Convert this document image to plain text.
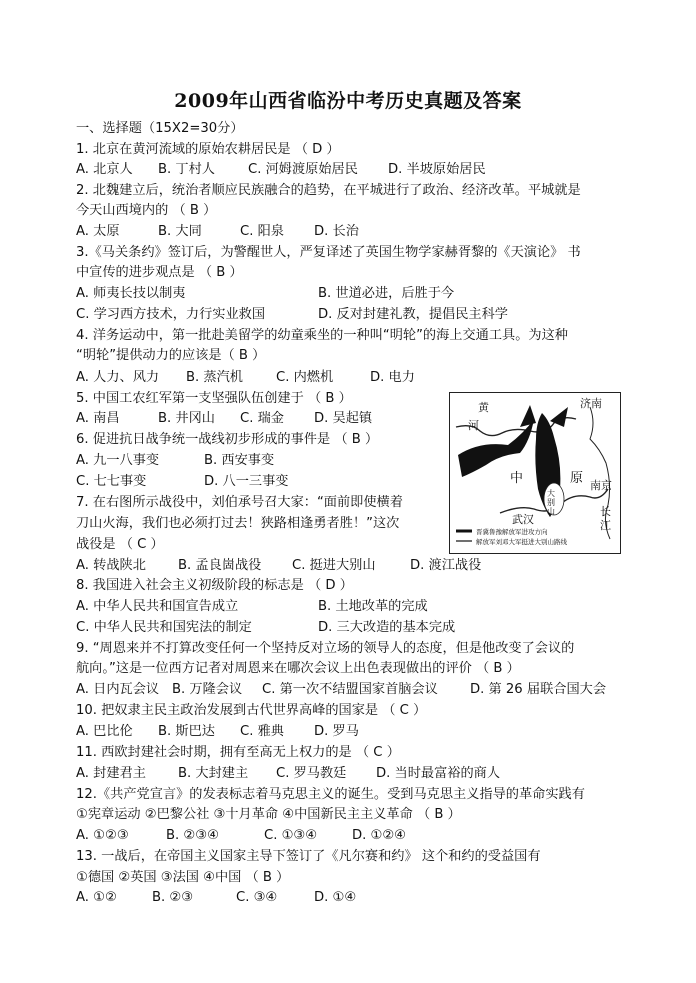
2009年山西省临汾中考历史真题及答案
一、选择题（15X2=30分）
1. 北京在黄河流域的原始农耕居民是 （ D ）
A. 北京人 B. 丁村人	C. 河姆渡原始居民 D. 半坡原始居民
2. 北魏建立后，统治者顺应民族融合的趋势，在平城进行了政治、经济改革。平城就是
今天山西境内的 （ B ）
A. 太原	B. 大同	C. 阳泉 D. 长治
3.《马关条约》签订后，为警醒世人，严复译述了英国生物学家赫胥黎的《天演论》 书
中宣传的进步观点是 （ B ）
A. 师夷长技以制夷	B. 世道必进，后胜于今
C. 学习西方技术，力行实业救国	D. 反对封建礼教，提倡民主科学
4. 洋务运动中，第一批赴美留学的幼童乘坐的一种叫“明轮”的海上交通工具。为这种
“明轮”提供动力的应该是（ B ）
A. 人力、风力 B. 蒸汽机	C. 内燃机	D. 电力
5. 中国工农红军第一支坚强队伍创建于 （ B ）
A. 南昌	B. 井冈山 C. 瑞金 D. 吴起镇
6. 促进抗日战争统一战线初步形成的事件是 （ B ）
A. 九一八事变	B. 西安事变
C. 七七事变	D. 八一三事变
7. 在右图所示战役中，刘伯承号召大家：“面前即使横着
刀山火海，我们也必须打过去！狭路相逢勇者胜！”这次
战役是 （ C ）
A. 转战陕北 B. 孟良崮战役 C. 挺进大别山	D. 渡江战役
8. 我国进入社会主义初级阶段的标志是 （ D ）
A. 中华人民共和国宣告成立	B. 土地改革的完成
C. 中华人民共和国宪法的制定	D. 三大改造的基本完成
9. “周恩来并不打算改变任何一个坚持反对立场的领导人的态度，但是他改变了会议的
航向。”这是一位西方记者对周恩来在哪次会议上出色表现做出的评价 （ B ）
A. 日内瓦会议 B. 万隆会议 C. 第一次不结盟国家首脑会议 D. 第 26 届联合国大会
10. 把奴隶主民主政治发展到古代世界高峰的国家是 （ C ）
A. 巴比伦 B. 斯巴达 C. 雅典 D. 罗马
11. 西欧封建社会时期，拥有至高无上权力的是 （ C ）
A. 封建君主 B. 大封建主 C. 罗马教廷 D. 当时最富裕的商人
12.《共产党宣言》的发表标志着马克思主义的诞生。受到马克思主义指导的革命实践有
①宪章运动 ②巴黎公社 ③十月革命 ④中国新民主主义革命 （ B ）
A. ①②③	B. ②③④	C. ①③④	D. ①②④
13. 一战后，在帝国主义国家主导下签订了《凡尔赛和约》 这个和约的受益国有
①德国 ②英国 ③法国 ④中国 （ B ）
A. ①②	B. ②③	C. ③④	D. ①④
黄
河
济南
中	原 南京
武汉
长
大别山
江
晋冀鲁豫解放军进攻方向
解放军刘邓大军挺进大别山路线
